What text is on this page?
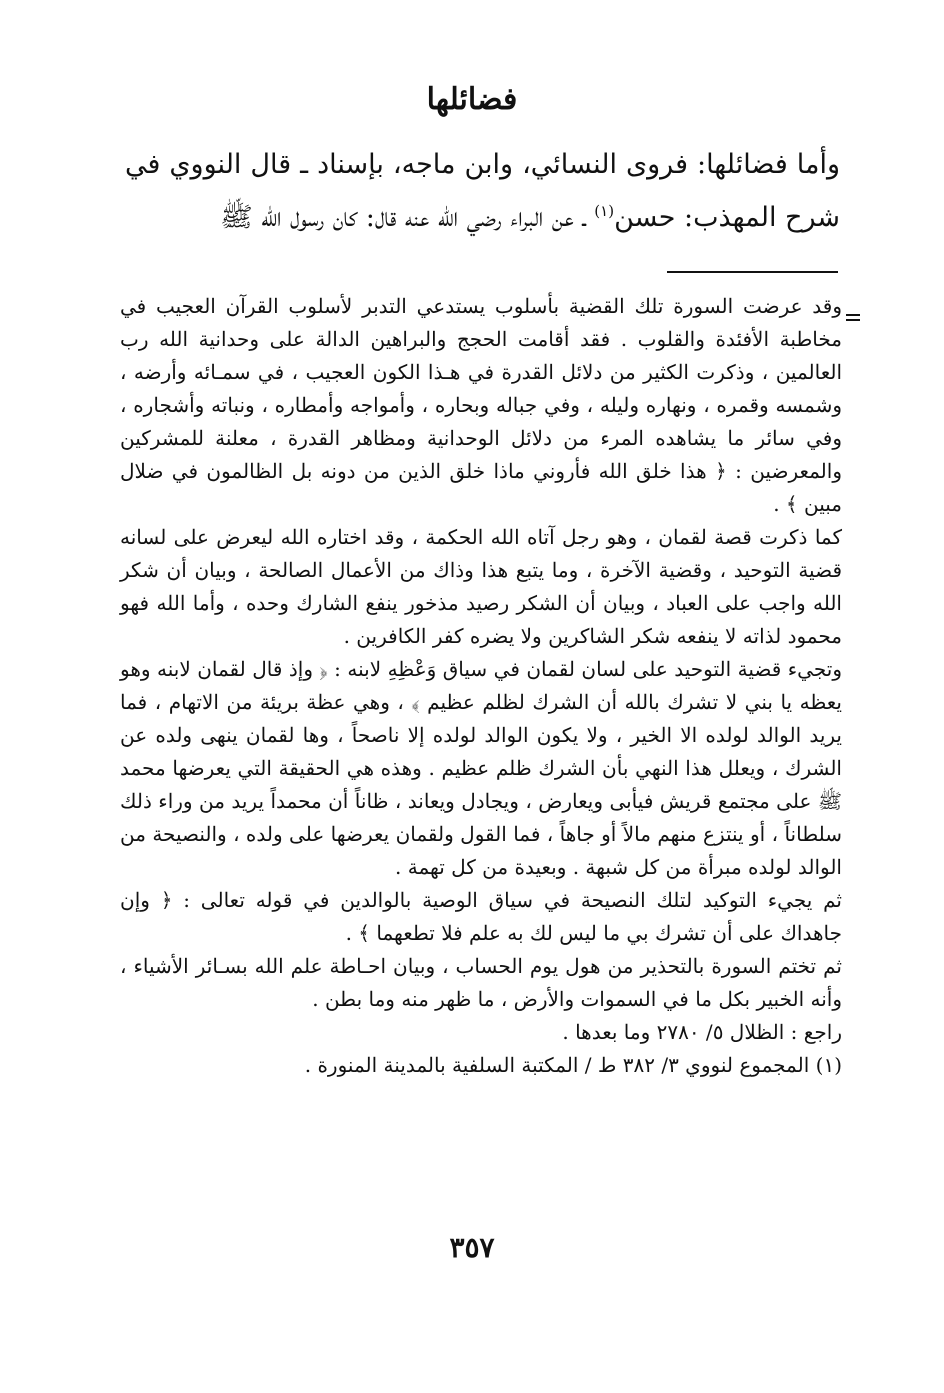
فضائلها

وأما فضائلها: فروى النسائي، وابن ماجه، بإسناد ـ قال النووي في شرح المهذب: حسن$^{(١)}$ ـ عن البراء رضي الله عنه قال: كان رسول الله ﷺ

وقد عرضت السورة تلك القضية بأسلوب يستدعي التدبر لأسلوب القرآن العجيب في مخاطبة الأفئدة والقلوب . فقد أقامت الحجج والبراهين الدالة على وحدانية الله رب العالمين ، وذكرت الكثير من دلائل القدرة في هـذا الكون العجيب ، في سمـائه وأرضه ، وشمسه وقمره ، ونهاره وليله ، وفي جباله وبحاره ، وأمواجه وأمطاره ، ونباته وأشجاره ، وفي سائر ما يشاهده المرء من دلائل الوحدانية ومظاهر القدرة ، معلنة للمشركين والمعرضين : ﴿ هذا خلق الله فأروني ماذا خلق الذين من دونه بل الظالمون في ضلال مبين ﴾ .

كما ذكرت قصة لقمان ، وهو رجل آتاه الله الحكمة ، وقد اختاره الله ليعرض على لسانه قضية التوحيد ، وقضية الآخرة ، وما يتبع هذا وذاك من الأعمال الصالحة ، وبيان أن شكر الله واجب على العباد ، وبيان أن الشكر رصيد مذخور ينفع الشارك وحده ، وأما الله فهو محمود لذاته لا ينفعه شكر الشاكرين ولا يضره كفر الكافرين .

وتجيء قضية التوحيد على لسان لقمان في سياق وَعْظِهِ لابنه : ﴿ وإذ قال لقمان لابنه وهو يعظه يا بني لا تشرك بالله أن الشرك لظلم عظيم ﴾ ، وهي عظة بريئة من الاتهام ، فما يريد الوالد لولده الا الخير ، ولا يكون الوالد لولده إلا ناصحاً ، وها لقمان ينهى ولده عن الشرك ، ويعلل هذا النهي بأن الشرك ظلم عظيم . وهذه هي الحقيقة التي يعرضها محمد ﷺ على مجتمع قريش فيأبى ويعارض ، ويجادل ويعاند ، ظاناً أن محمداً يريد من وراء ذلك سلطاناً ، أو ينتزع منهم مالاً أو جاهاً ، فما القول ولقمان يعرضها على ولده ، والنصيحة من الوالد لولده مبرأة من كل شبهة . وبعيدة من كل تهمة .

ثم يجيء التوكيد لتلك النصيحة في سياق الوصية بالوالدين في قوله تعالى : ﴿ وإن جاهداك على أن تشرك بي ما ليس لك به علم فلا تطعهما ﴾ .

ثم تختم السورة بالتحذير من هول يوم الحساب ، وبيان احـاطة علم الله بسـائر الأشياء ، وأنه الخبير بكل ما في السموات والأرض ، ما ظهر منه وما بطن .

راجع : الظلال ٥/ ٢٧٨٠ وما بعدها .

(١) المجموع لنووي ٣/ ٣٨٢ ط / المكتبة السلفية بالمدينة المنورة .

٣٥٧
